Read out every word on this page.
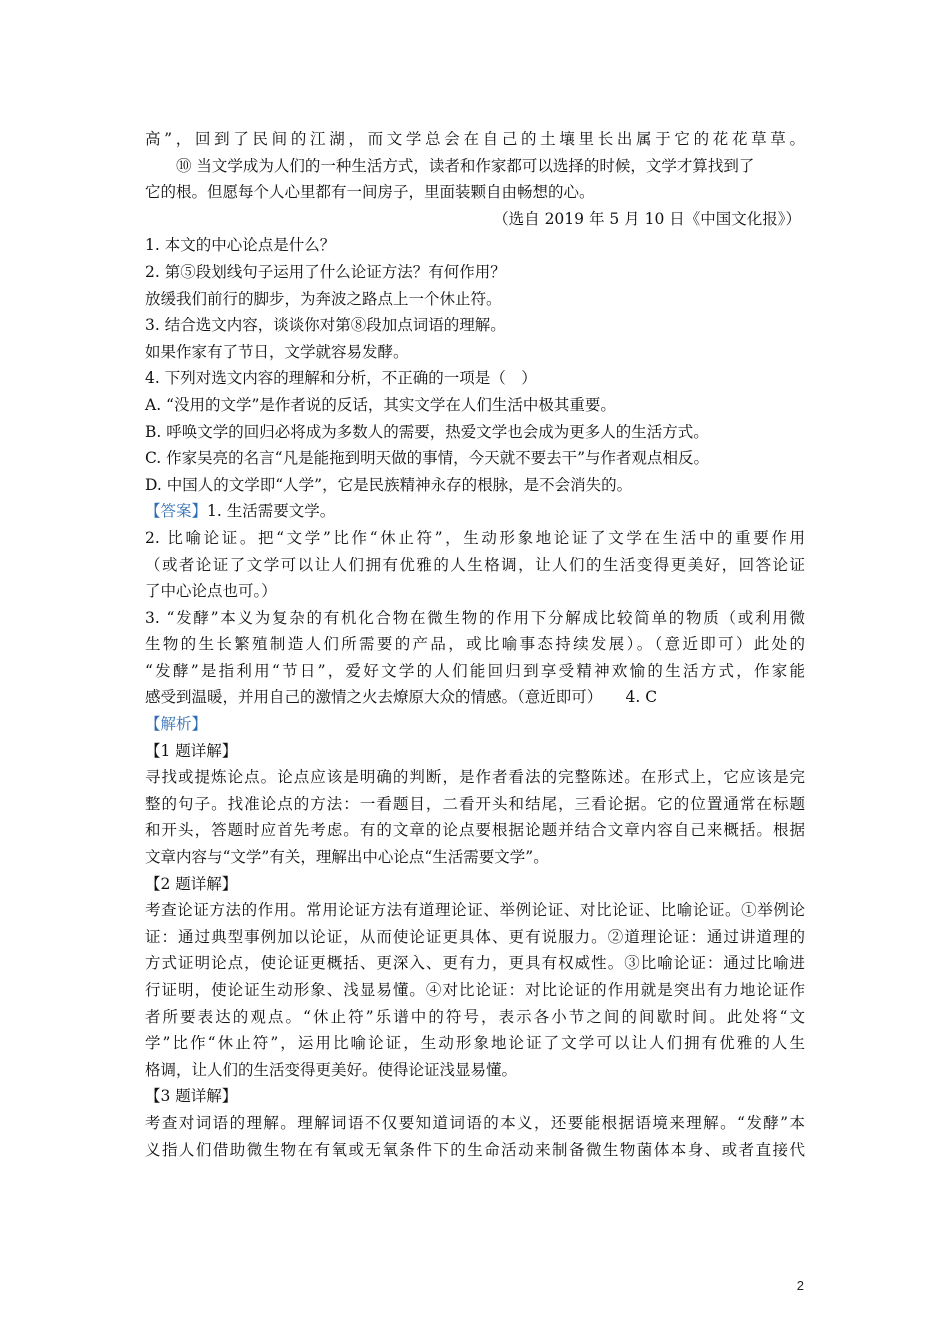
高”，回到了民间的江湖，而文学总会在自己的土壤里长出属于它的花花草草。
⑩ 当文学成为人们的一种生活方式，读者和作家都可以选择的时候，文学才算找到了
它的根。但愿每个人心里都有一间房子，里面装颗自由畅想的心。
（选自 2019 年 5 月 10 日《中国文化报》）
1. 本文的中心论点是什么？
2. 第⑤段划线句子运用了什么论证方法？有何作用？
放缓我们前行的脚步，为奔波之路点上一个休止符。
3. 结合选文内容，谈谈你对第⑧段加点词语的理解。
如果作家有了节日，文学就容易发酵。
4. 下列对选文内容的理解和分析，不正确的一项是（　）
A. “没用的文学”是作者说的反话，其实文学在人们生活中极其重要。
B. 呼唤文学的回归必将成为多数人的需要，热爱文学也会成为更多人的生活方式。
C. 作家吴亮的名言“凡是能拖到明天做的事情，今天就不要去干”与作者观点相反。
D. 中国人的文学即“人学”，它是民族精神永存的根脉，是不会消失的。
【答案】1. 生活需要文学。
2. 比喻论证。把“文学”比作“休止符”，生动形象地论证了文学在生活中的重要作用
（或者论证了文学可以让人们拥有优雅的人生格调，让人们的生活变得更美好，回答论证
了中心论点也可。）
3. “发酵”本义为复杂的有机化合物在微生物的作用下分解成比较简单的物质（或利用微
生物的生长繁殖制造人们所需要的产品，或比喻事态持续发展）。（意近即可）此处的
“发酵”是指利用“节日”，爱好文学的人们能回归到享受精神欢愉的生活方式，作家能
感受到温暖，并用自己的激情之火去燎原大众的情感。（意近即可）　　4. C
【解析】
【1 题详解】
寻找或提炼论点。论点应该是明确的判断，是作者看法的完整陈述。在形式上，它应该是完
整的句子。找准论点的方法：一看题目，二看开头和结尾，三看论据。它的位置通常在标题
和开头，答题时应首先考虑。有的文章的论点要根据论题并结合文章内容自己来概括。根据
文章内容与“文学”有关，理解出中心论点“生活需要文学”。
【2 题详解】
考查论证方法的作用。常用论证方法有道理论证、举例论证、对比论证、比喻论证。①举例论
证：通过典型事例加以论证，从而使论证更具体、更有说服力。②道理论证：通过讲道理的
方式证明论点，使论证更概括、更深入、更有力，更具有权威性。③比喻论证：通过比喻进
行证明，使论证生动形象、浅显易懂。④对比论证：对比论证的作用就是突出有力地论证作
者所要表达的观点。“休止符”乐谱中的符号，表示各小节之间的间歇时间。此处将“文
学”比作“休止符”，运用比喻论证，生动形象地论证了文学可以让人们拥有优雅的人生
格调，让人们的生活变得更美好。使得论证浅显易懂。
【3 题详解】
考查对词语的理解。理解词语不仅要知道词语的本义，还要能根据语境来理解。“发酵”本
义指人们借助微生物在有氧或无氧条件下的生命活动来制备微生物菌体本身、或者直接代
2
